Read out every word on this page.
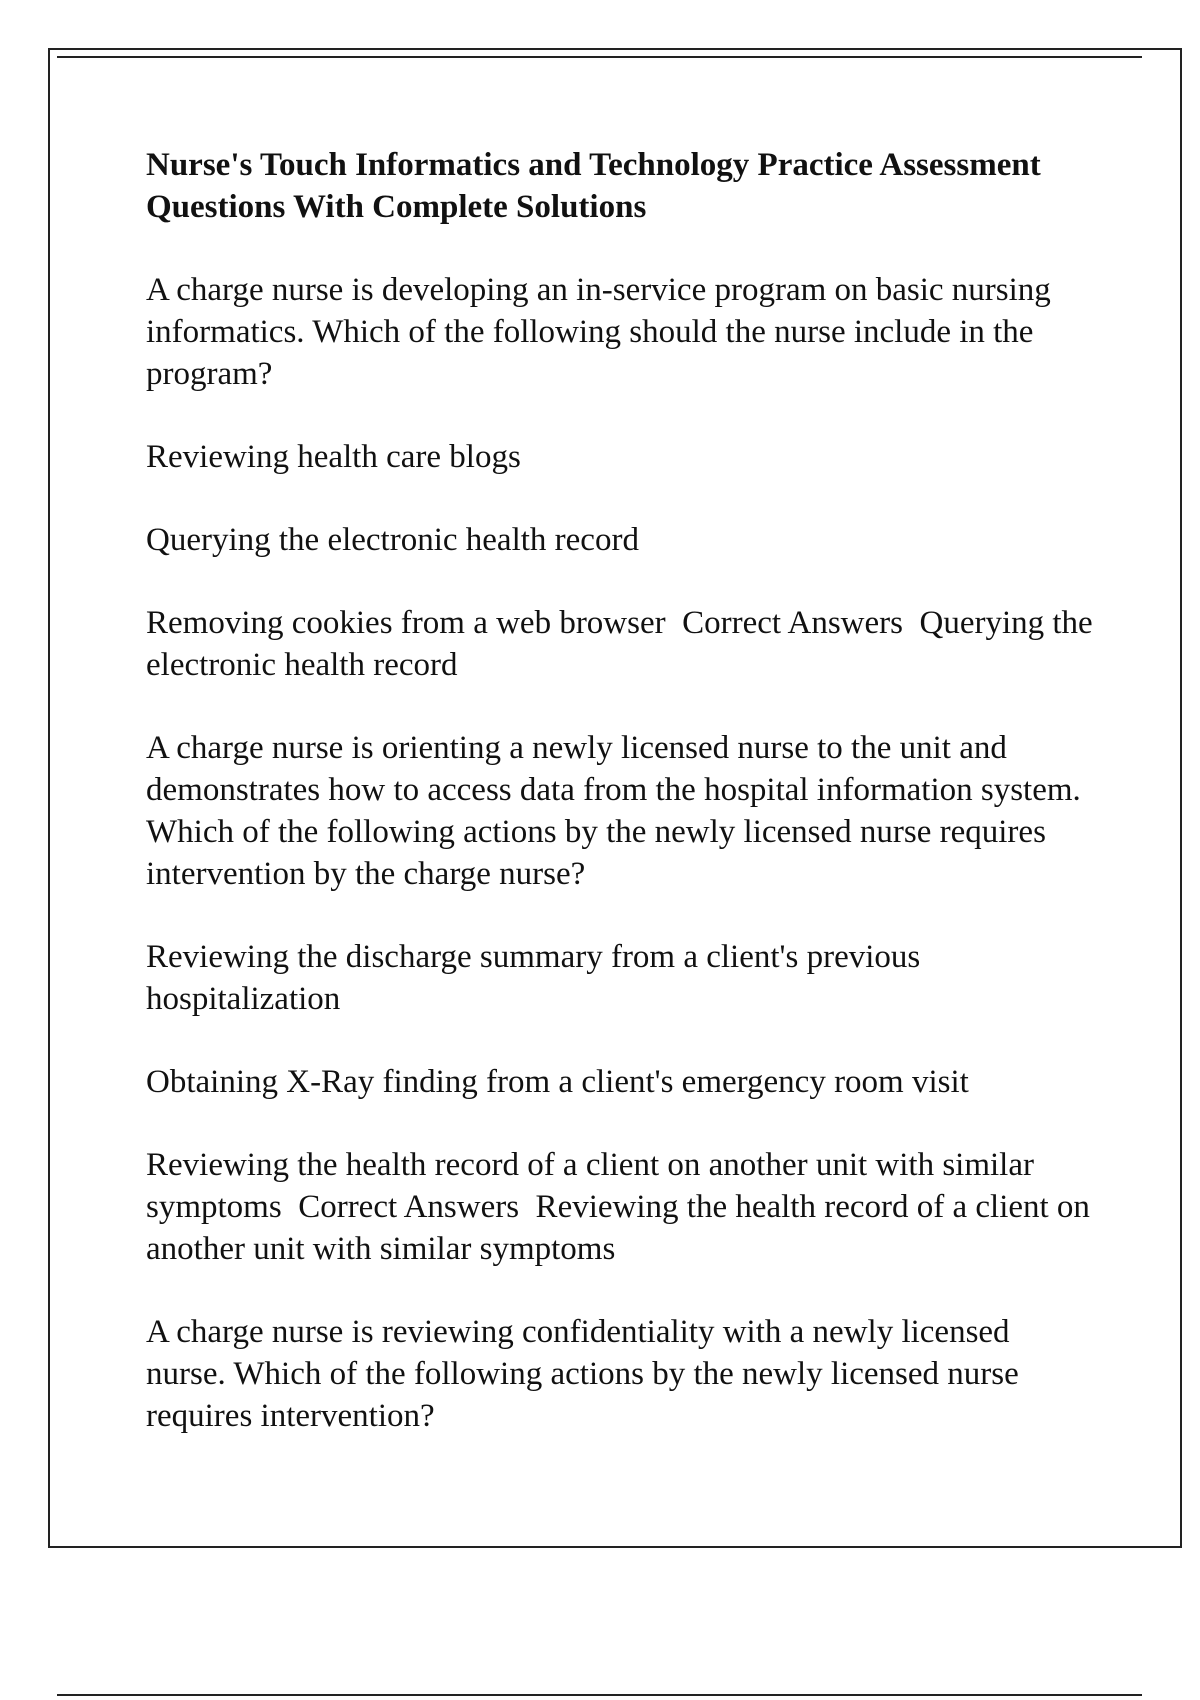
Nurse's Touch Informatics and Technology Practice Assessment Questions With Complete Solutions

A charge nurse is developing an in-service program on basic nursing informatics. Which of the following should the nurse include in the program?

Reviewing health care blogs

Querying the electronic health record

Removing cookies from a web browser  Correct Answers  Querying the electronic health record

A charge nurse is orienting a newly licensed nurse to the unit and demonstrates how to access data from the hospital information system. Which of the following actions by the newly licensed nurse requires intervention by the charge nurse?

Reviewing the discharge summary from a client's previous hospitalization

Obtaining X-Ray finding from a client's emergency room visit

Reviewing the health record of a client on another unit with similar symptoms  Correct Answers  Reviewing the health record of a client on another unit with similar symptoms

A charge nurse is reviewing confidentiality with a newly licensed nurse. Which of the following actions by the newly licensed nurse requires intervention?
